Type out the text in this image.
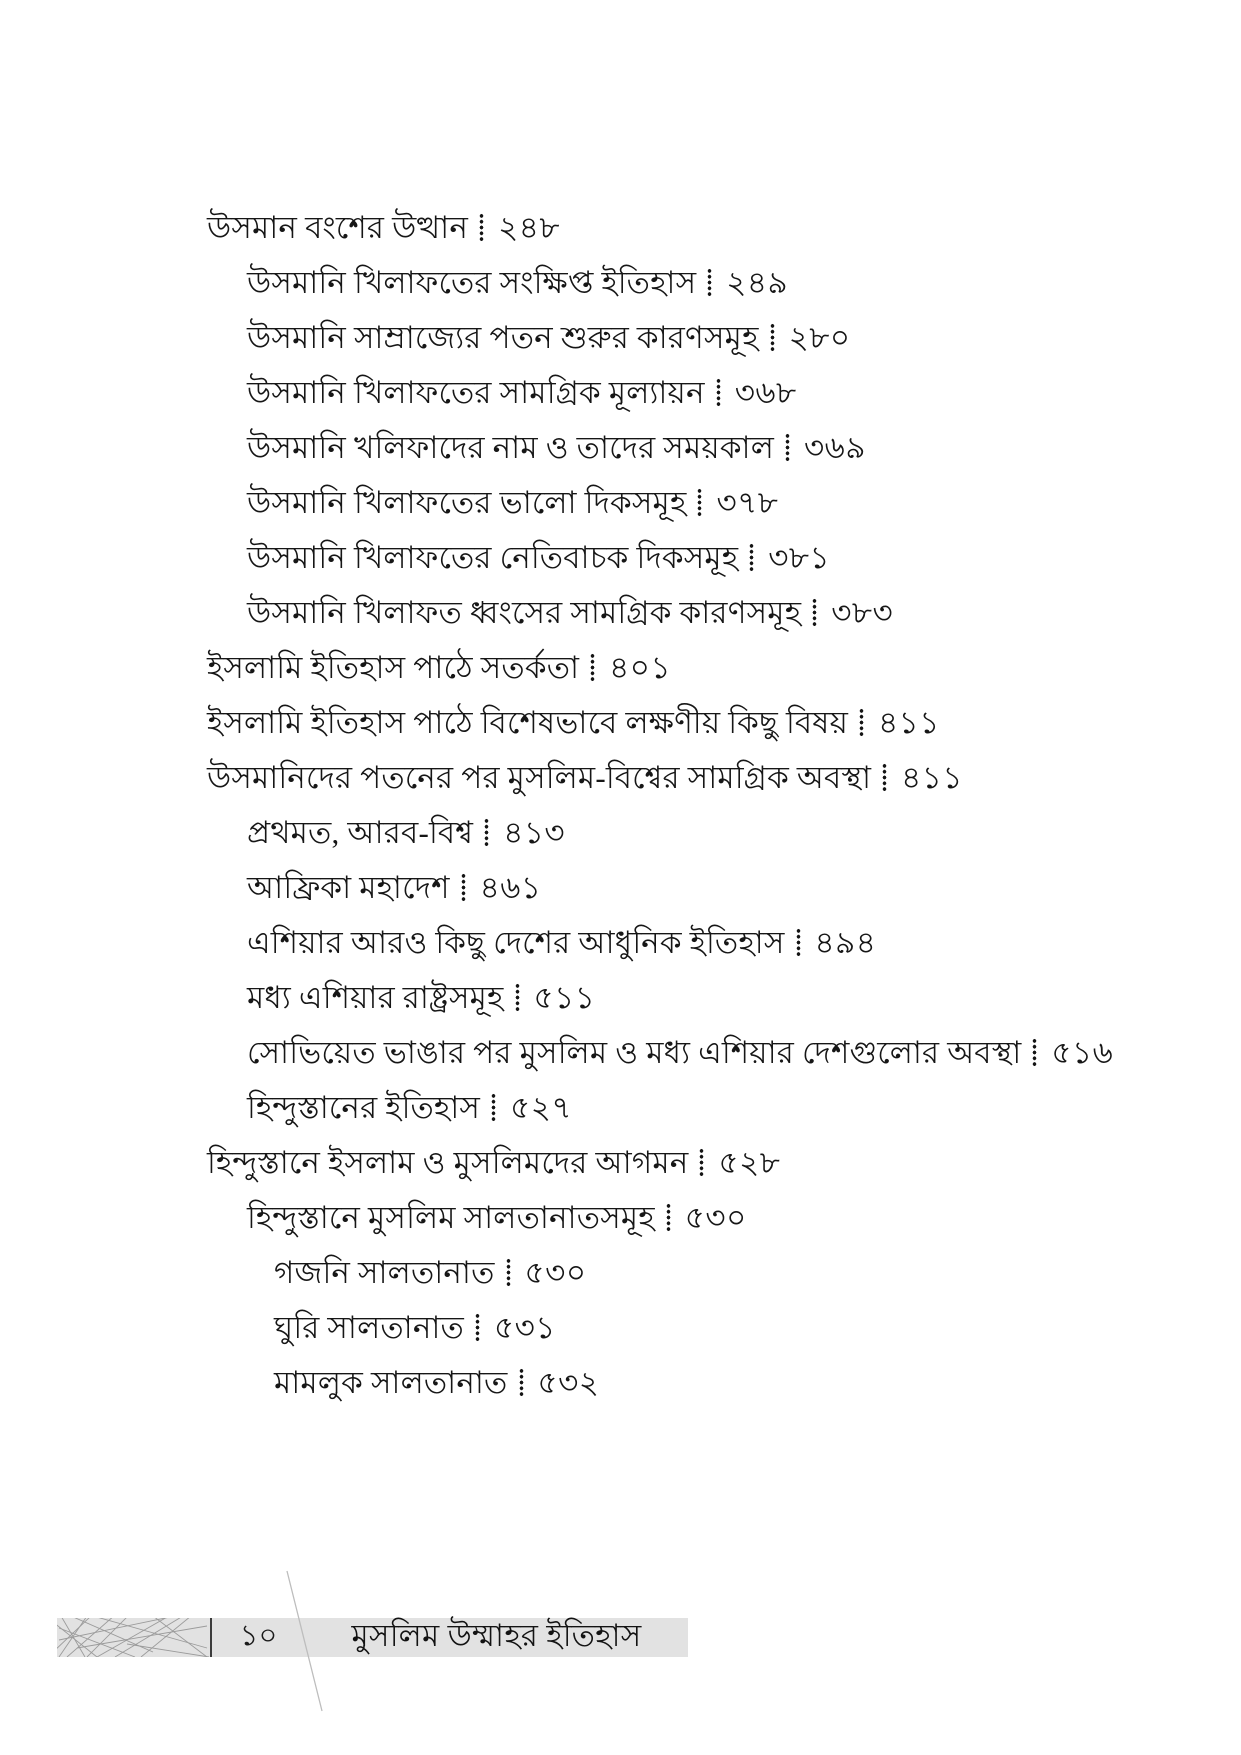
উসমান বংশের উত্থান ২৪৮
উসমানি খিলাফতের সংক্ষিপ্ত ইতিহাস ২৪৯
উসমানি সাম্রাজ্যের পতন শুরুর কারণসমূহ ২৮০
উসমানি খিলাফতের সামগ্রিক মূল্যায়ন ৩৬৮
উসমানি খলিফাদের নাম ও তাদের সময়কাল ৩৬৯
উসমানি খিলাফতের ভালো দিকসমূহ ৩৭৮
উসমানি খিলাফতের নেতিবাচক দিকসমূহ ৩৮১
উসমানি খিলাফত ধ্বংসের সামগ্রিক কারণসমূহ ৩৮৩
ইসলামি ইতিহাস পাঠে সতর্কতা ৪০১
ইসলামি ইতিহাস পাঠে বিশেষভাবে লক্ষণীয় কিছু বিষয় ৪১১
উসমানিদের পতনের পর মুসলিম-বিশ্বের সামগ্রিক অবস্থা ৪১১
প্রথমত, আরব-বিশ্ব ৪১৩
আফ্রিকা মহাদেশ ৪৬১
এশিয়ার আরও কিছু দেশের আধুনিক ইতিহাস ৪৯৪
মধ্য এশিয়ার রাষ্ট্রসমূহ ৫১১
সোভিয়েত ভাঙার পর মুসলিম ও মধ্য এশিয়ার দেশগুলোর অবস্থা ৫১৬
হিন্দুস্তানের ইতিহাস ৫২৭
হিন্দুস্তানে ইসলাম ও মুসলিমদের আগমন ৫২৮
হিন্দুস্তানে মুসলিম সালতানাতসমূহ ৫৩০
গজনি সালতানাত ৫৩০
ঘুরি সালতানাত ৫৩১
মামলুক সালতানাত ৫৩২
১০	মুসলিম উম্মাহর ইতিহাস
